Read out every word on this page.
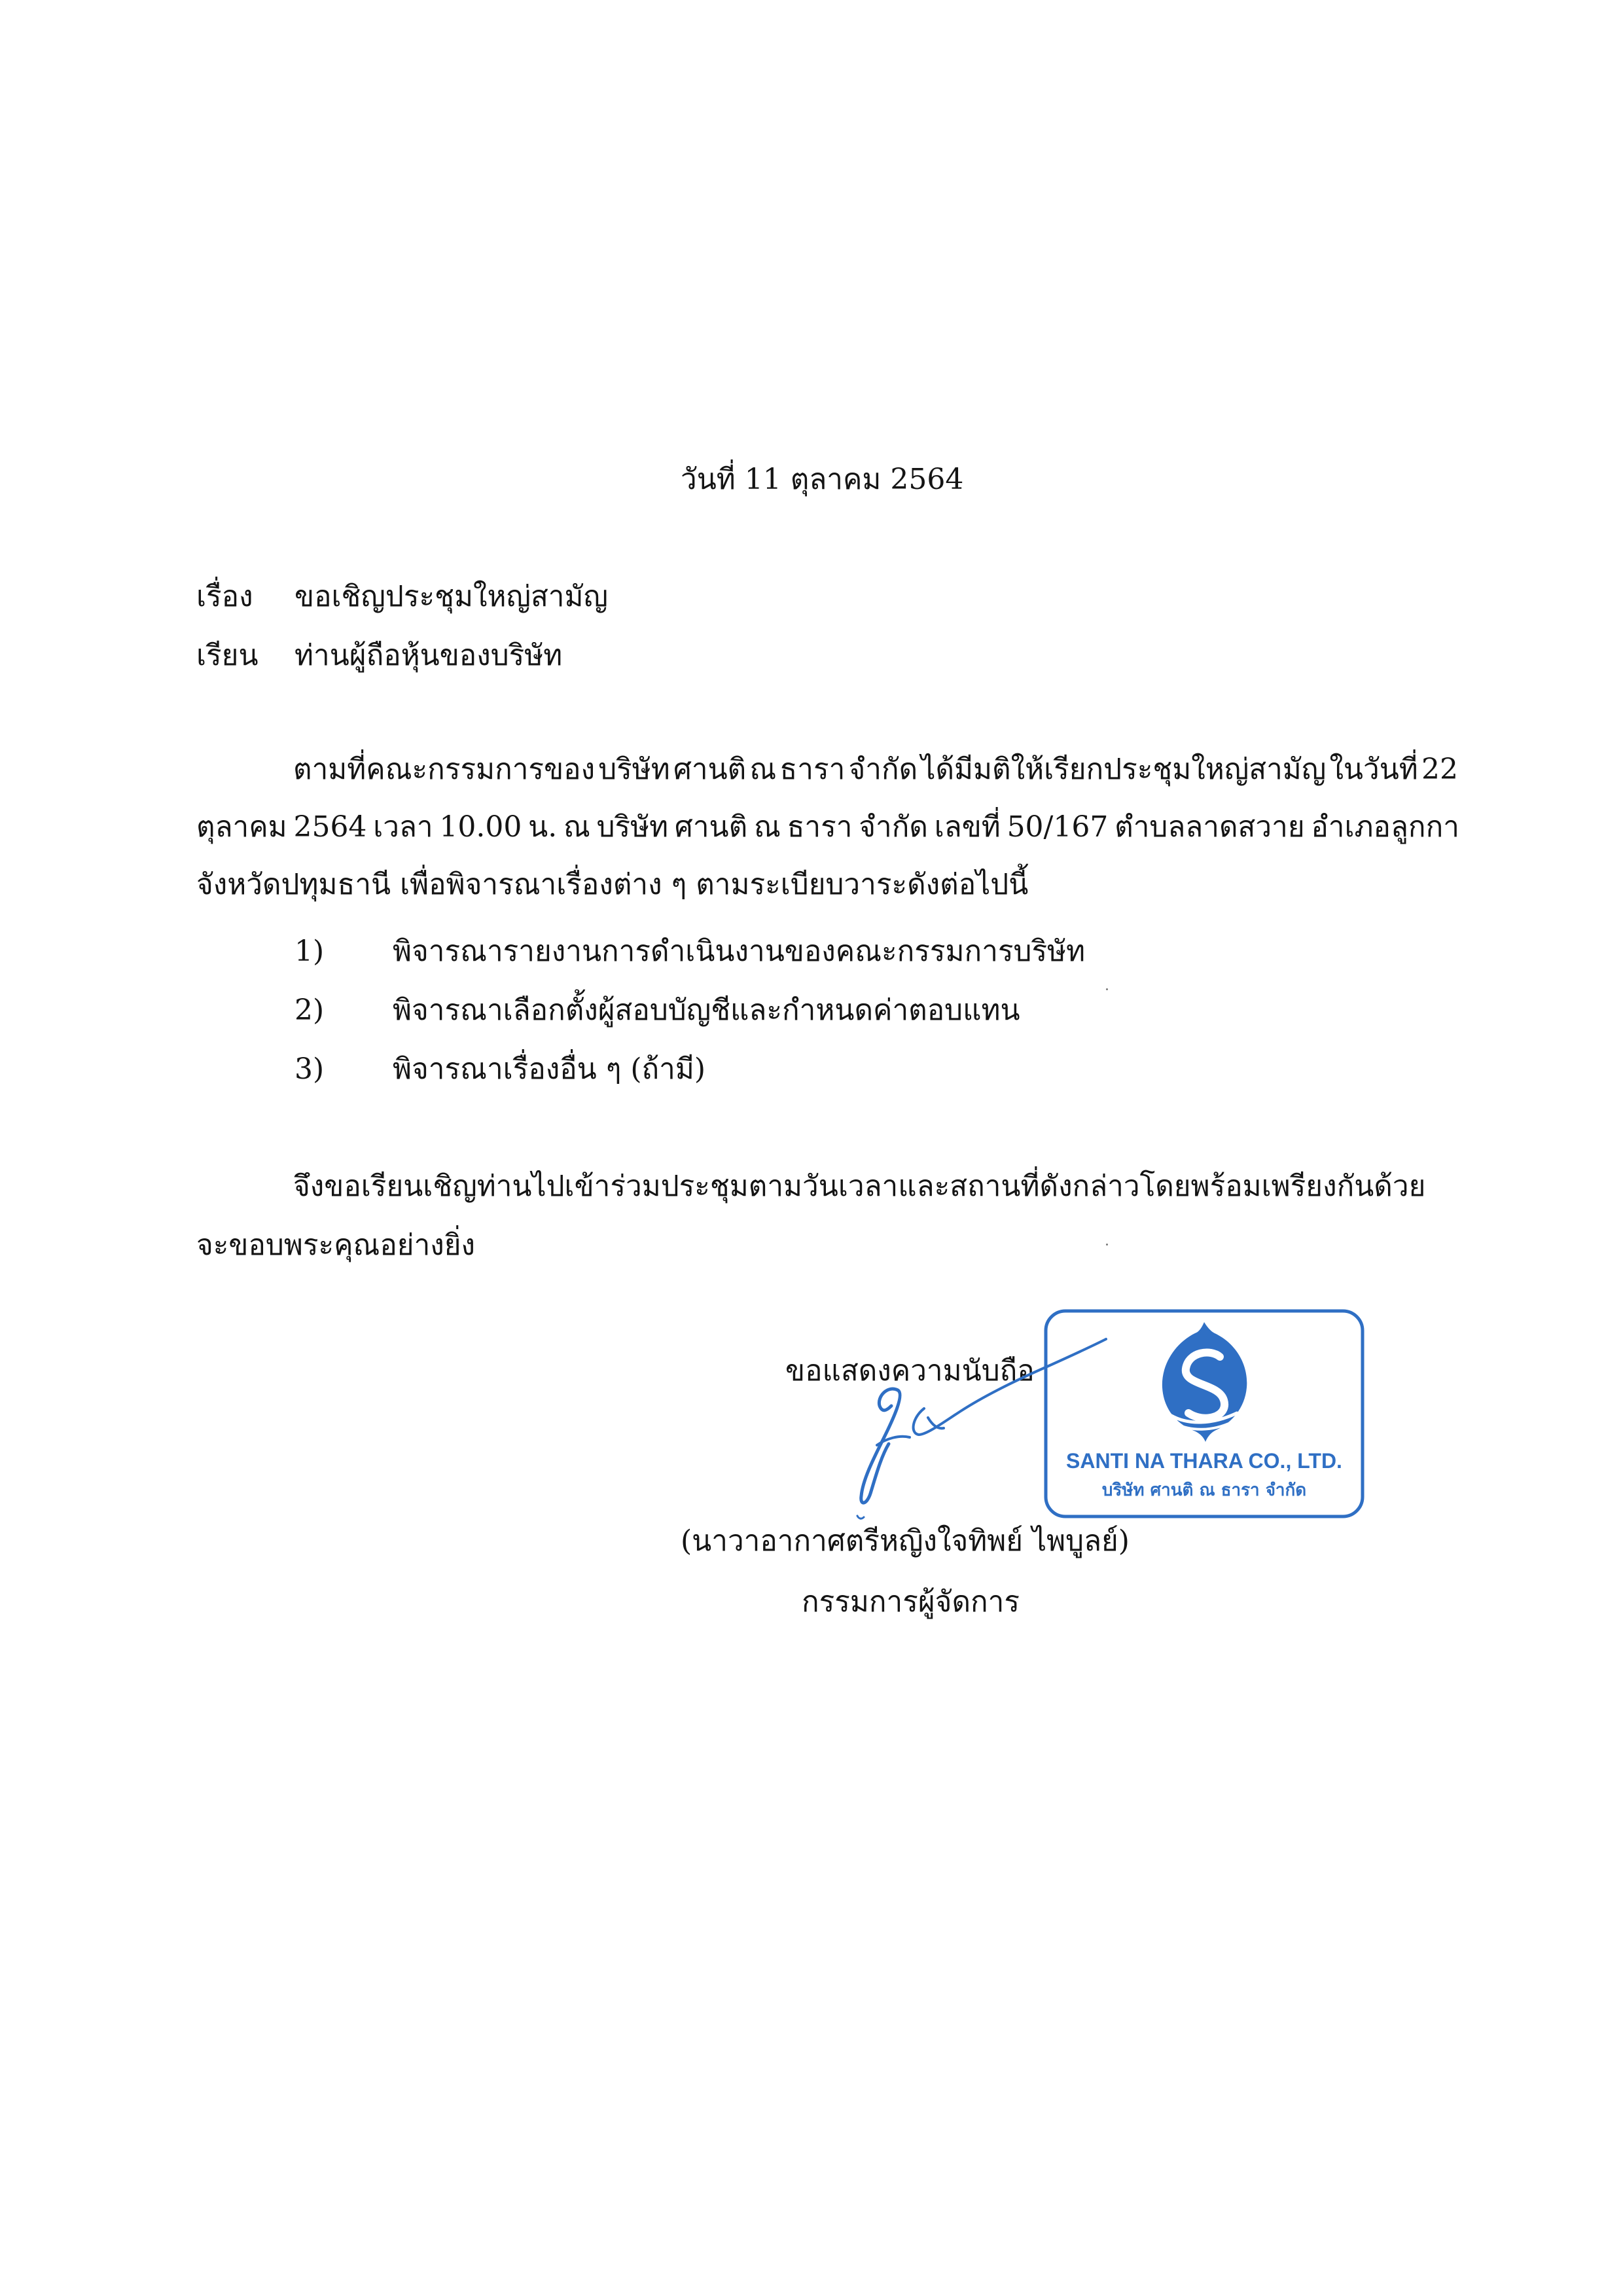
วันที่ 11 ตุลาคม 2564
เรื่อง ขอเชิญประชุมใหญ่สามัญ
เรียน ท่านผู้ถือหุ้นของบริษัท
ตามที่คณะกรรมการของ บริษัท ศานติ ณ ธารา จำกัด ได้มีมติให้เรียกประชุมใหญ่สามัญ ในวันที่ 22
ตุลาคม 2564 เวลา 10.00 น. ณ บริษัท ศานติ ณ ธารา จำกัด เลขที่ 50/167 ตำบลลาดสวาย อำเภอลูกกา
จังหวัดปทุมธานี เพื่อพิจารณาเรื่องต่าง ๆ ตามระเบียบวาระดังต่อไปนี้
1) พิจารณารายงานการดำเนินงานของคณะกรรมการบริษัท
2) พิจารณาเลือกตั้งผู้สอบบัญชีและกำหนดค่าตอบแทน
3) พิจารณาเรื่องอื่น ๆ (ถ้ามี)
จึงขอเรียนเชิญท่านไปเข้าร่วมประชุมตามวัน เวลาและสถานที่ดังกล่าวโดยพร้อมเพรียงกันด้วย
จะขอบพระคุณอย่างยิ่ง
ขอแสดงความนับถือ
SANTI NA THARA CO., LTD.
บริษัท ศานติ ณ ธารา จำกัด
(นาวาอากาศตรีหญิงใจทิพย์ ไพบูลย์)
กรรมการผู้จัดการ
